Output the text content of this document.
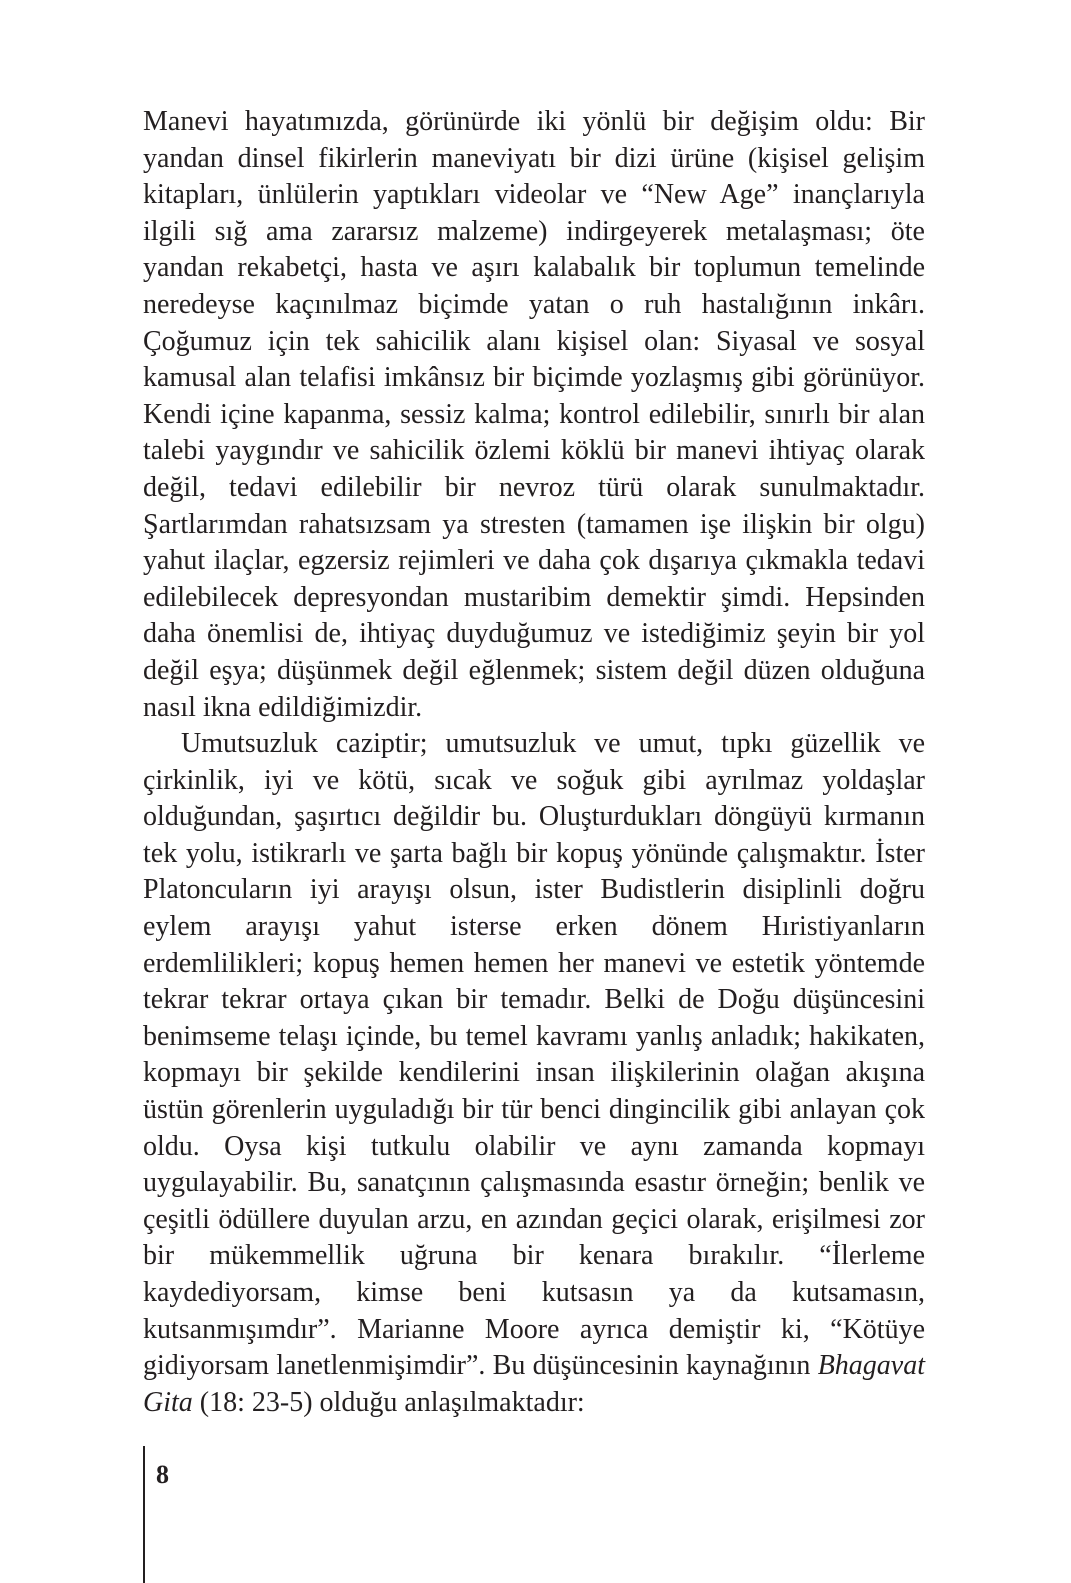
Manevi hayatımızda, görünürde iki yönlü bir değişim oldu: Bir yandan dinsel fikirlerin maneviyatı bir dizi ürüne (kişisel gelişim kitapları, ünlülerin yaptıkları videolar ve “New Age” inançlarıyla ilgili sığ ama zararsız malzeme) indirgeyerek metalaşması; öte yandan rekabetçi, hasta ve aşırı kalabalık bir toplumun temelinde neredeyse kaçınılmaz biçimde yatan o ruh hastalığının inkârı. Çoğumuz için tek sahicilik alanı kişisel olan: Siyasal ve sosyal kamusal alan telafisi imkânsız bir biçimde yozlaşmış gibi görünüyor. Kendi içine kapanma, sessiz kalma; kontrol edilebilir, sınırlı bir alan talebi yaygındır ve sahicilik özlemi köklü bir manevi ihtiyaç olarak değil, tedavi edilebilir bir nevroz türü olarak sunulmaktadır. Şartlarımdan rahatsızsam ya stresten (tamamen işe ilişkin bir olgu) yahut ilaçlar, egzersiz rejimleri ve daha çok dışarıya çıkmakla tedavi edilebilecek depresyondan mustaribim demektir şimdi. Hepsinden daha önemlisi de, ihtiyaç duyduğumuz ve istediğimiz şeyin bir yol değil eşya; düşünmek değil eğlenmek; sistem değil düzen olduğuna nasıl ikna edildiğimizdir.

Umutsuzluk caziptir; umutsuzluk ve umut, tıpkı güzellik ve çirkinlik, iyi ve kötü, sıcak ve soğuk gibi ayrılmaz yoldaşlar olduğundan, şaşırtıcı değildir bu. Oluşturdukları döngüyü kırmanın tek yolu, istikrarlı ve şarta bağlı bir kopuş yönünde çalışmaktır. İster Platoncuların iyi arayışı olsun, ister Budistlerin disiplinli doğru eylem arayışı yahut isterse erken dönem Hıristiyanların erdemlilikleri; kopuş hemen hemen her manevi ve estetik yöntemde tekrar tekrar ortaya çıkan bir temadır. Belki de Doğu düşüncesini benimseme telaşı içinde, bu temel kavramı yanlış anladık; hakikaten, kopmayı bir şekilde kendilerini insan ilişkilerinin olağan akışına üstün görenlerin uyguladığı bir tür benci dingincilik gibi anlayan çok oldu. Oysa kişi tutkulu olabilir ve aynı zamanda kopmayı uygulayabilir. Bu, sanatçının çalışmasında esastır örneğin; benlik ve çeşitli ödüllere duyulan arzu, en azından geçici olarak, erişilmesi zor bir mükemmellik uğruna bir kenara bırakılır. “İlerleme kaydediyorsam, kimse beni kutsasın ya da kutsamasın, kutsanmışımdır”. Marianne Moore ayrıca demiştir ki, “Kötüye gidiyorsam lanetlenmişimdir”. Bu düşüncesinin kaynağının Bhagavat Gita (18: 23-5) olduğu anlaşılmaktadır:

8
